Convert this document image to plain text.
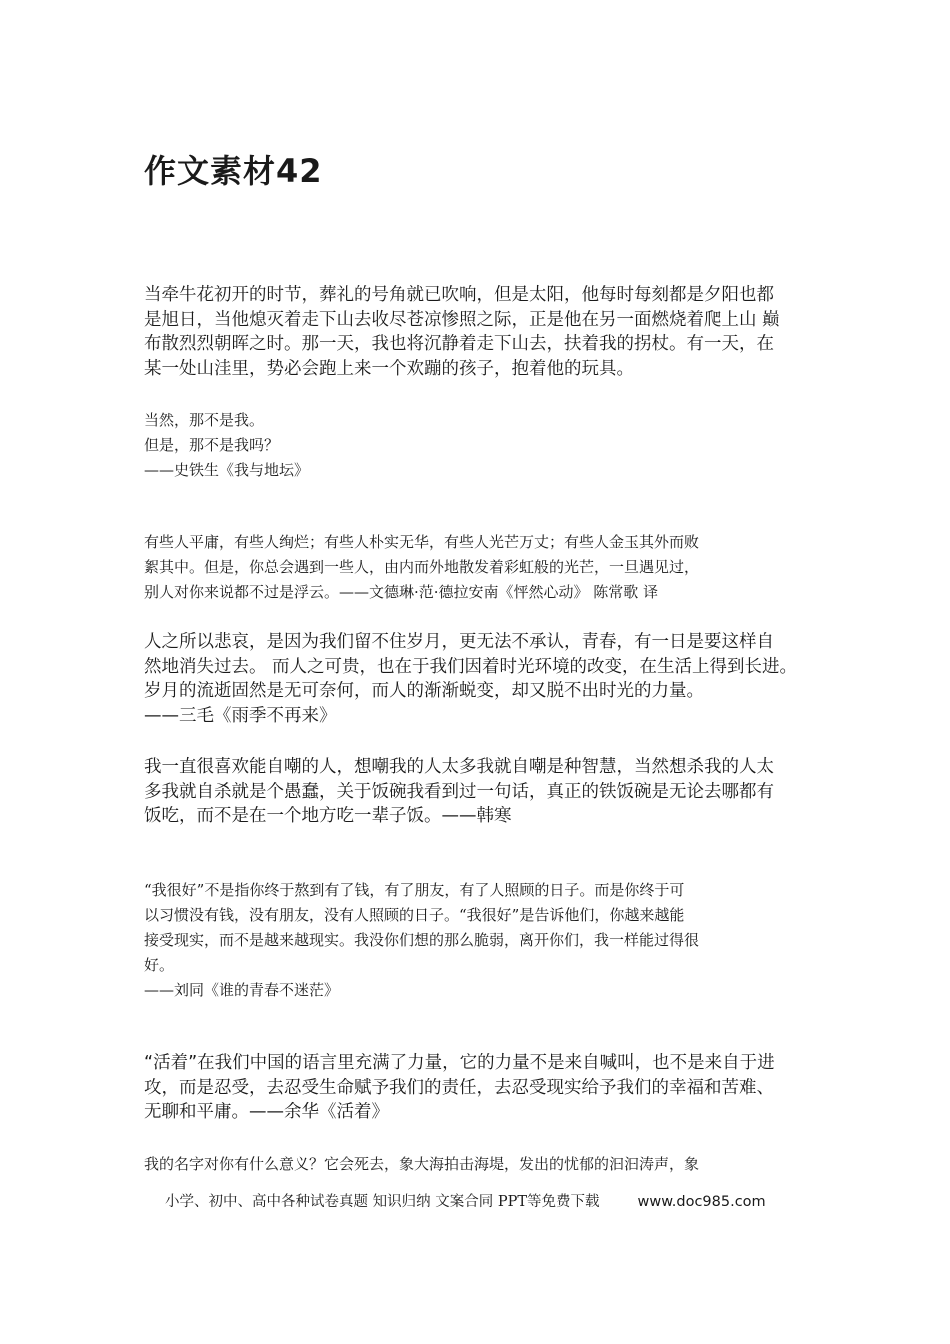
作文素材42
当牵牛花初开的时节，葬礼的号角就已吹响，但是太阳，他每时每刻都是夕阳也都
是旭日，当他熄灭着走下山去收尽苍凉惨照之际，正是他在另一面燃烧着爬上山 巅
布散烈烈朝晖之时。那一天，我也将沉静着走下山去，扶着我的拐杖。有一天，在
某一处山洼里，势必会跑上来一个欢蹦的孩子，抱着他的玩具。
当然，那不是我。
但是，那不是我吗？
——史铁生《我与地坛》
有些人平庸，有些人绚烂；有些人朴实无华，有些人光芒万丈；有些人金玉其外而败
絮其中。但是，你总会遇到一些人，由内而外地散发着彩虹般的光芒，一旦遇见过，
别人对你来说都不过是浮云。——文德琳·范·德拉安南《怦然心动》 陈常歌 译
人之所以悲哀，是因为我们留不住岁月，更无法不承认，青春，有一日是要这样自
然地消失过去。 而人之可贵，也在于我们因着时光环境的改变，在生活上得到长进。
岁月的流逝固然是无可奈何，而人的渐渐蜕变，却又脱不出时光的力量。
——三毛《雨季不再来》
我一直很喜欢能自嘲的人，想嘲我的人太多我就自嘲是种智慧，当然想杀我的人太
多我就自杀就是个愚蠢，关于饭碗我看到过一句话，真正的铁饭碗是无论去哪都有
饭吃，而不是在一个地方吃一辈子饭。——韩寒
“我很好”不是指你终于熬到有了钱，有了朋友，有了人照顾的日子。而是你终于可
以习惯没有钱，没有朋友，没有人照顾的日子。“我很好”是告诉他们，你越来越能
接受现实，而不是越来越现实。我没你们想的那么脆弱，离开你们，我一样能过得很
好。
——刘同《谁的青春不迷茫》
“活着”在我们中国的语言里充满了力量，它的力量不是来自喊叫，也不是来自于进
攻，而是忍受，去忍受生命赋予我们的责任，去忍受现实给予我们的幸福和苦难、
无聊和平庸。——余华《活着》
我的名字对你有什么意义？它会死去，象大海拍击海堤，发出的忧郁的汩汩涛声，象
小学、初中、高中各种试卷真题 知识归纳 文案合同 PPT等免费下载	www.doc985.com
